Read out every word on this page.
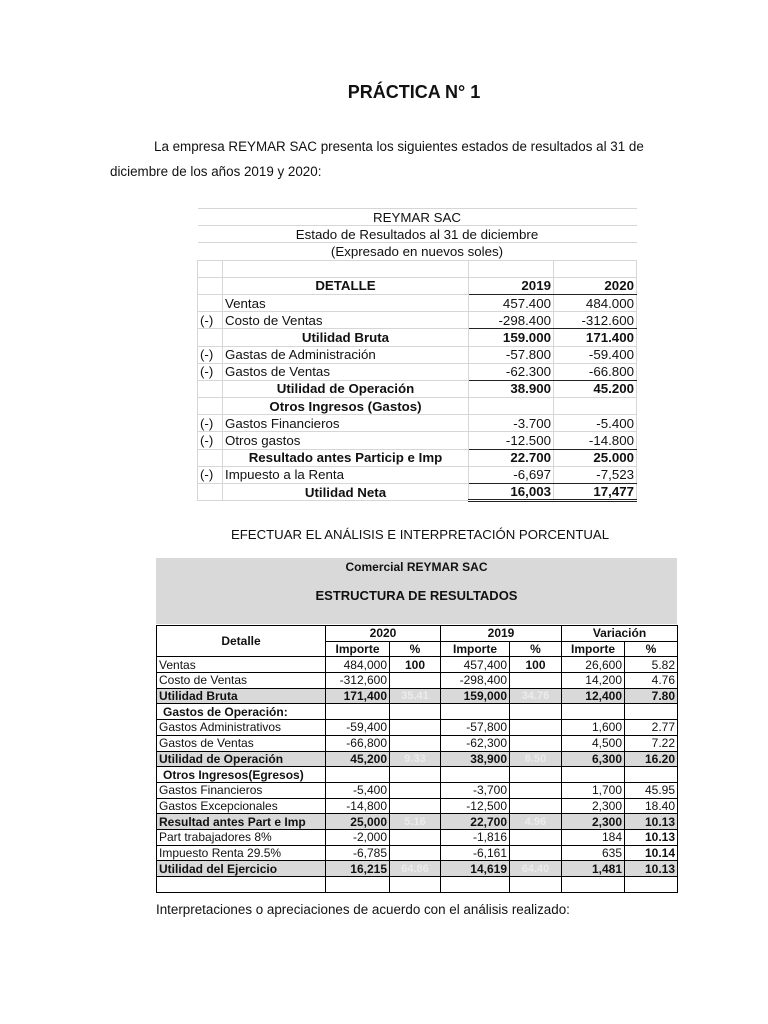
PRÁCTICA N° 1
La empresa REYMAR SAC presenta los siguientes estados de resultados al 31 de
diciembre de los años 2019 y 2020:
REYMAR SAC			
Estado de Resultados al 31 de diciembre			
(Expresado en nuevos soles)			

	DETALLE	2019	2020
	Ventas	457.400	484.000
(-)	Costo de Ventas	-298.400	-312.600
	Utilidad Bruta	159.000	171.400
(-)	Gastas de Administración	-57.800	-59.400
(-)	Gastos de Ventas	-62.300	-66.800
	Utilidad de Operación	38.900	45.200
	Otros Ingresos (Gastos)		
(-)	Gastos Financieros	-3.700	-5.400
(-)	Otros gastos	-12.500	-14.800
	Resultado antes Particip e Imp	22.700	25.000
(-)	Impuesto a la Renta	-6,697	-7,523
	Utilidad Neta	16,003	17,477
EFECTUAR EL ANÁLISIS E INTERPRETACIÓN PORCENTUAL
Comercial REYMAR SAC
ESTRUCTURA DE RESULTADOS
Detalle	2020		2019		Variación	
	Importe	%	Importe	%	Importe	%
Ventas	484,000	100	457,400	100	26,600	5.82
Costo de Ventas	-312,600		-298,400		14,200	4.76
Utilidad Bruta	171,400	35.41	159,000	34.76	12,400	7.80
Gastos de Operación:						
Gastos Administrativos	-59,400		-57,800		1,600	2.77
Gastos de Ventas	-66,800		-62,300		4,500	7.22
Utilidad de Operación	45,200	9.33	38,900	8.50	6,300	16.20
Otros Ingresos(Egresos)						
Gastos Financieros	-5,400		-3,700		1,700	45.95
Gastos Excepcionales	-14,800		-12,500		2,300	18.40
Resultad antes Part e Imp	25,000	5.16	22,700	4.96	2,300	10.13
Part trabajadores 8%	-2,000		-1,816		184	10.13
Impuesto Renta 29.5%	-6,785		-6,161		635	10.14
Utilidad del Ejercicio	16,215	64.86	14,619	64.40	1,481	10.13

Interpretaciones o apreciaciones de acuerdo con el análisis realizado:
